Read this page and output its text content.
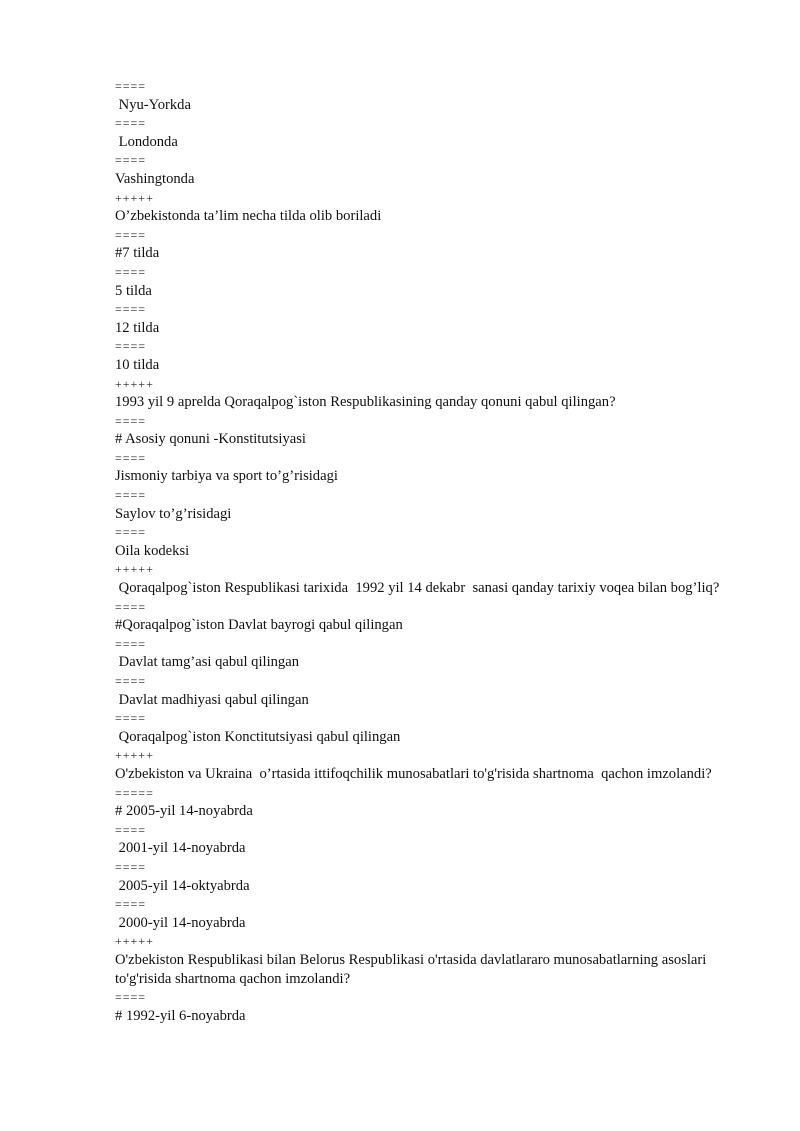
====

Nyu-Yorkda

====

Londonda

====

Vashingtonda

+++++

O’zbekistonda ta’lim necha tilda olib boriladi

====

#7 tilda

====

5 tilda

====

12 tilda

====

10 tilda

+++++

1993 yil 9 aprelda Qoraqalpog`iston Respublikasining qanday qonuni qabul qilingan?

====

# Asosiy qonuni -Konstitutsiyasi

====

Jismoniy tarbiya va sport to’g’risidagi

====

Saylov to’g’risidagi

====

Oila kodeksi

+++++

Qoraqalpog`iston Respublikasi tarixida  1992 yil 14 dekabr  sanasi qanday tarixiy voqea bilan bog’liq?

====

#Qoraqalpog`iston Davlat bayrogi qabul qilingan

====

Davlat tamg’asi qabul qilingan

====

Davlat madhiyasi qabul qilingan

====

Qoraqalpog`iston Konctitutsiyasi qabul qilingan

+++++

O'zbekiston va Ukraina  o’rtasida ittifoqchilik munosabatlari to'g'risida shartnoma  qachon imzolandi?

=====

# 2005-yil 14-noyabrda

====

2001-yil 14-noyabrda

====

2005-yil 14-oktyabrda

====

2000-yil 14-noyabrda

+++++

O'zbekiston Respublikasi bilan Belorus Respublikasi o'rtasida davlatlararo munosabatlarning asoslari to'g'risida shartnoma qachon imzolandi?

====

# 1992-yil 6-noyabrda
